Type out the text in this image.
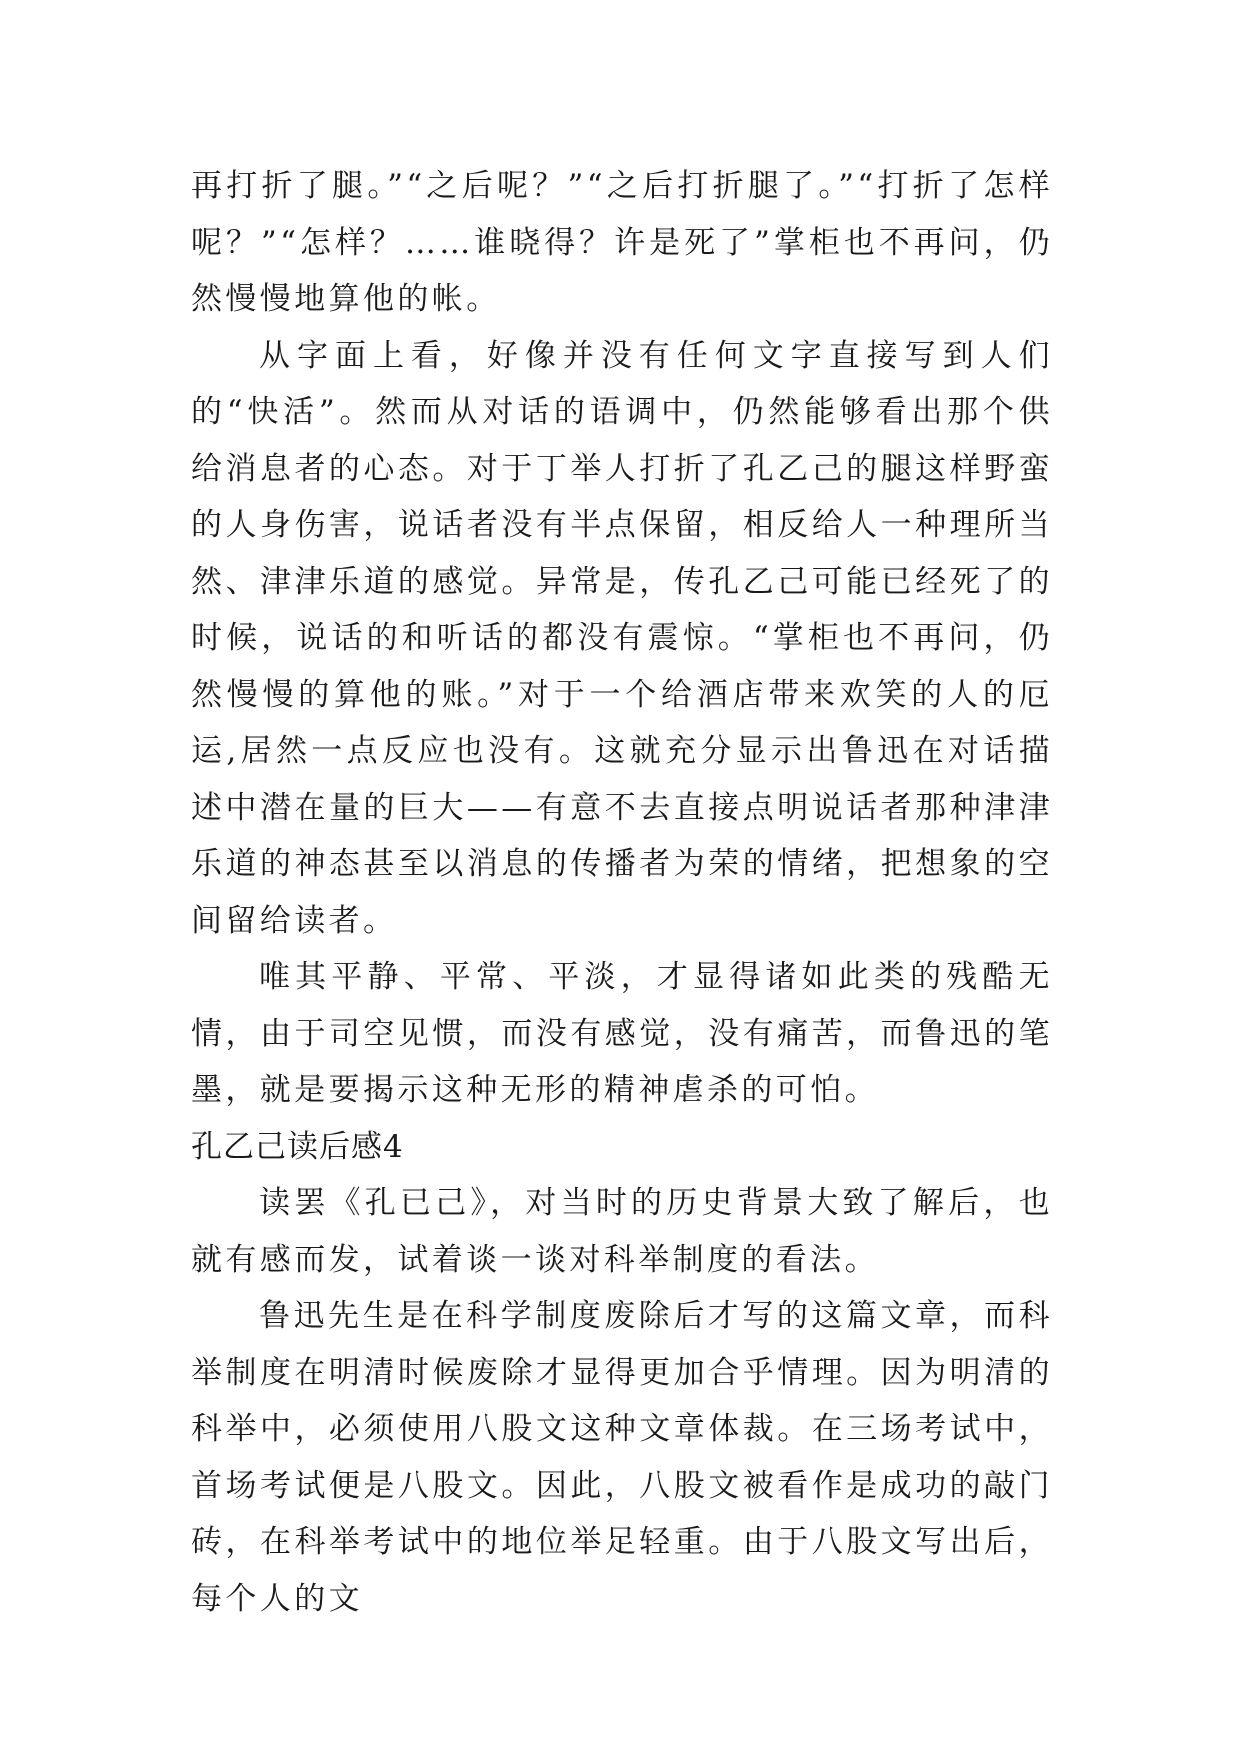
再打折了腿。”“之后呢？”“之后打折腿了。”“打折了怎样呢？”“怎样？……谁晓得？许是死了”掌柜也不再问，仍然慢慢地算他的帐。

从字面上看，好像并没有任何文字直接写到人们的“快活”。然而从对话的语调中，仍然能够看出那个供给消息者的心态。对于丁举人打折了孔乙己的腿这样野蛮的人身伤害，说话者没有半点保留，相反给人一种理所当然、津津乐道的感觉。异常是，传孔乙己可能已经死了的时候，说话的和听话的都没有震惊。“掌柜也不再问，仍然慢慢的算他的账。”对于一个给酒店带来欢笑的人的厄运,居然一点反应也没有。这就充分显示出鲁迅在对话描述中潜在量的巨大——有意不去直接点明说话者那种津津乐道的神态甚至以消息的传播者为荣的情绪，把想象的空间留给读者。

唯其平静、平常、平淡，才显得诸如此类的残酷无情，由于司空见惯，而没有感觉，没有痛苦，而鲁迅的笔墨，就是要揭示这种无形的精神虐杀的可怕。

孔乙己读后感4

读罢《孔已己》，对当时的历史背景大致了解后，也就有感而发，试着谈一谈对科举制度的看法。

鲁迅先生是在科学制度废除后才写的这篇文章，而科举制度在明清时候废除才显得更加合乎情理。因为明清的科举中，必须使用八股文这种文章体裁。在三场考试中，首场考试便是八股文。因此，八股文被看作是成功的敲门砖，在科举考试中的地位举足轻重。由于八股文写出后，每个人的文
